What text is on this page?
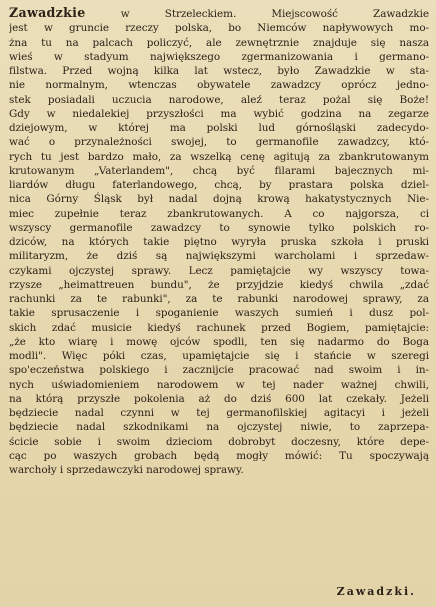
Zawadzkie	w Strzeleckiem. Miejscowość Zawadzkie
jest w gruncie rzeczy polska, bo Niemców napływowych mo-
żna tu na palcach policzyć, ale zewnętrznie znajduje się nasza
wieś w stadyum największego zgermanizowania i germano-
filstwa. Przed wojną kilka lat wstecz, było Zawadzkie w sta-
nie normalnym, wtenczas obywatele zawadzcy oprócz jedno-
stek posiadali uczucia narodowe, aleź teraz pożal się Boże!
Gdy w niedalekiej przyszłości ma wybić godzina na zegarze
dziejowym, w której ma polski lud górnośląski zadecydo-
wać o przynależności swojej, to germanofile zawadzcy, któ-
rych tu jest bardzo mało, za wszelką cenę agitują za zbankrutowanym
krutowanym „Vaterlandem", chcą być filarami bajecznych mi-
liardów długu faterlandowego, chcą, by prastara polska dziel-
nica Górny Śląsk był nadal dojną krową hakatystycznych Nie-
miec zupełnie teraz zbankrutowanych. A co najgorsza, ci
wszyscy germanofile zawadzcy to synowie tylko polskich ro-
dziców, na których takie piętno wyryła pruska szkoła i pruski
militaryzm, że dziś są największymi warcholami i sprzedaw-
czykami ojczystej sprawy. Lecz pamiętajcie wy wszyscy towa-
rzysze „heimattreuen bundu", że przyjdzie kiedyś chwila „zdać
rachunki za te rabunki", za te rabunki narodowej sprawy, za
takie sprusaczenie i spoganienie waszych sumień i dusz pol-
skich zdać musicie kiedyś rachunek przed Bogiem, pamiętajcie:
„że kto wiarę i mowę ojców spodli, ten się nadarmo do Boga
modli". Więc póki czas, upamiętajcie się i stańcie w szeregi
spo'eczeństwa polskiego i zacznijcie pracować nad swoim i in-
nych uświadomieniem narodowem w tej nader ważnej chwili,
na którą przyszłe pokolenia aż do dziś 600 lat czekały. Jeżeli
będziecie nadal czynni w tej germanofilskiej agitacyi i jeżeli
będziecie nadal szkodnikami na ojczystej niwie, to zaprzepa-
ścicie sobie i swoim dzieciom dobrobyt doczesny, które depe-
cąc po waszych grobach będą mogły mówić: Tu spoczywają
warchoły i sprzedawczyki narodowej sprawy.
Zawadzki.
